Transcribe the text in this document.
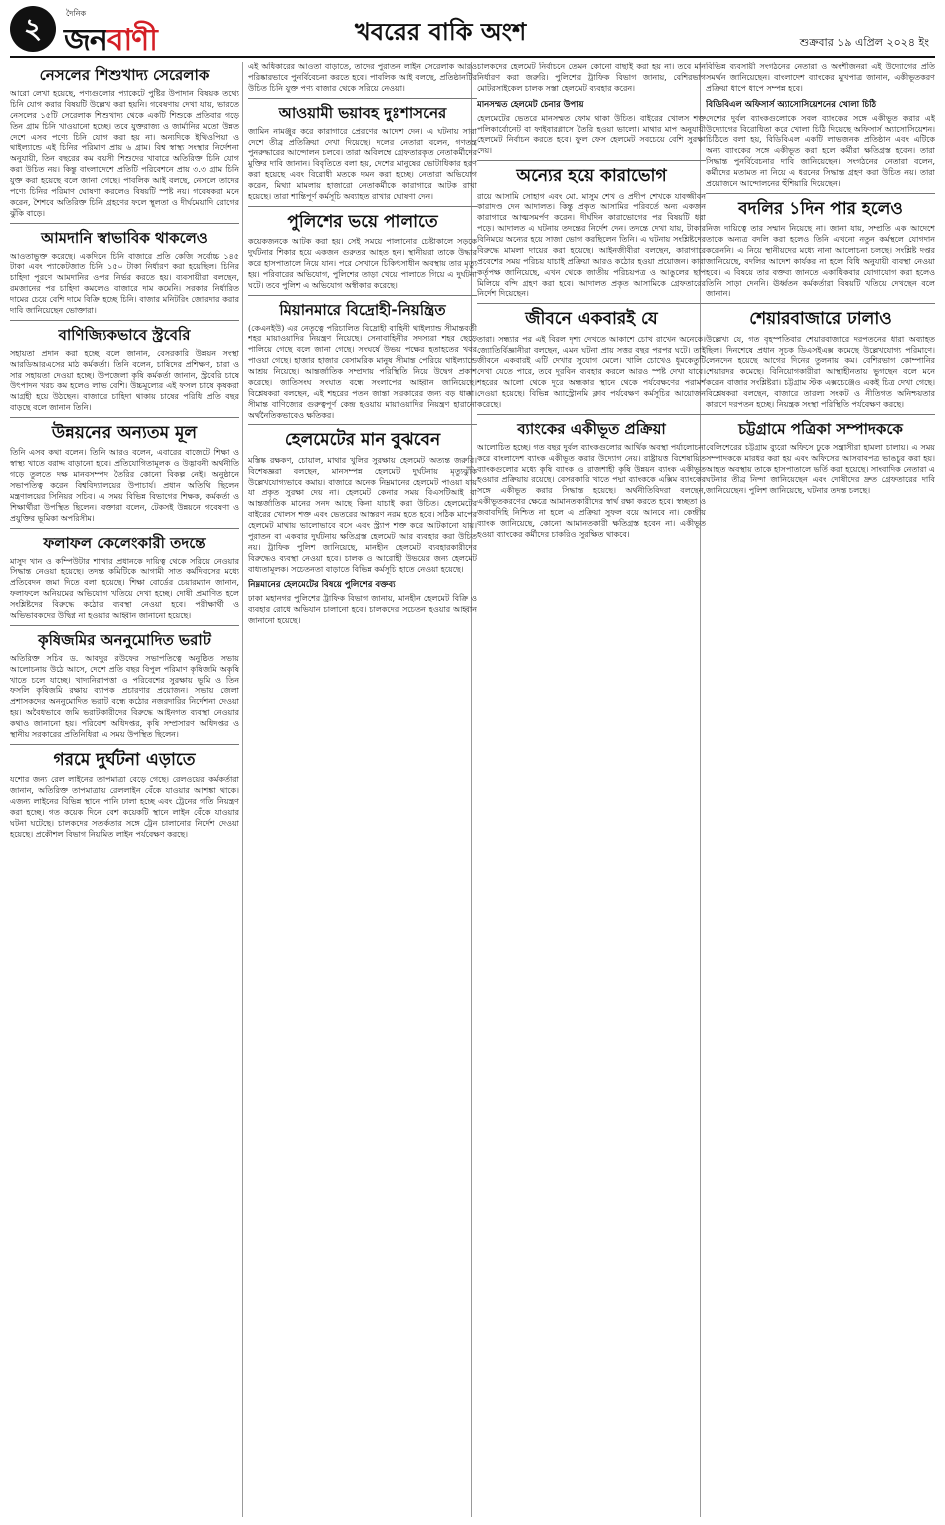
২	দৈনিক
জনবাণী	খবরের বাকি অংশ	শুক্রবার ১৯ এপ্রিল ২০২৪ ইং
নেসলের শিশুখাদ্য সেরেলাক

আরো লেখা হয়েছে, পণ্যগুলোর প্যাকেটে পুষ্টির উপাদান বিষয়ক তথ্যে চিনি যোগ করার বিষয়টি উল্লেখ করা হয়নি। গবেষণায় দেখা যায়, ভারতে নেসলের ১৫টি সেরেলাক শিশুখাদ্য থেকে একটি শিশুকে প্রতিবার গড়ে তিন গ্রাম চিনি খাওয়ানো হচ্ছে। তবে যুক্তরাজ্য ও জার্মানির মতো উন্নত দেশে এসব পণ্যে চিনি যোগ করা হয় না। অন্যদিকে ইথিওপিয়া ও থাইল্যান্ডে এই চিনির পরিমাণ প্রায় ৬ গ্রাম। বিশ্ব স্বাস্থ্য সংস্থার নির্দেশনা অনুযায়ী, তিন বছরের কম বয়সী শিশুদের খাবারে অতিরিক্ত চিনি যোগ করা উচিত নয়। কিন্তু বাংলাদেশে প্রতিটি পরিবেশনে প্রায় ৩.৩ গ্রাম চিনি যুক্ত করা হয়েছে বলে জানা গেছে। পাবলিক আই বলছে, নেসলে তাদের পণ্যে চিনির পরিমাণ ঘোষণা করলেও বিষয়টি স্পষ্ট নয়। গবেষকরা মনে করেন, শৈশবে অতিরিক্ত চিনি গ্রহণের ফলে স্থূলতা ও দীর্ঘমেয়াদি রোগের ঝুঁকি বাড়ে।

আমদানি স্বাভাবিক থাকলেও

আওতাভুক্ত করেছে। একদিনে চিনি বাজারে প্রতি কেজি সর্বোচ্চ ১৪৫ টাকা এবং প্যাকেটজাত চিনি ১৫০ টাকা নির্ধারণ করা হয়েছিল। চিনির চাহিদা পূরণে আমদানির ওপর নির্ভর করতে হয়। ব্যবসায়ীরা বলছেন, রমজানের পর চাহিদা কমলেও বাজারে দাম কমেনি। সরকার নির্ধারিত দামের চেয়ে বেশি দামে বিক্রি হচ্ছে চিনি। বাজার মনিটরিং জোরদার করার দাবি জানিয়েছেন ভোক্তারা।

বাণিজ্যিকভাবে স্ট্রবেরি

সহায়তা প্রদান করা হচ্ছে বলে জানান, বেসরকারি উন্নয়ন সংস্থা আরডিআরএসের মাঠ কর্মকর্তা। তিনি বলেন, চাষিদের প্রশিক্ষণ, চারা ও সার সহায়তা দেওয়া হচ্ছে। উপজেলা কৃষি কর্মকর্তা জানান, স্ট্রবেরি চাষে উৎপাদন খরচ কম হলেও লাভ বেশি। উচ্চমূল্যের এই ফসল চাষে কৃষকরা আগ্রহী হয়ে উঠছেন। বাজারে চাহিদা থাকায় চাষের পরিধি প্রতি বছর বাড়ছে বলে জানান তিনি।

উন্নয়নের অন্যতম মূল

তিনি এসব কথা বলেন। তিনি আরও বলেন, এবারের বাজেটে শিক্ষা ও স্বাস্থ্য খাতে বরাদ্দ বাড়ানো হবে। প্রতিযোগিতামূলক ও উদ্ভাবনী অর্থনীতি গড়ে তুলতে দক্ষ মানবসম্পদ তৈরির কোনো বিকল্প নেই। অনুষ্ঠানে সভাপতিত্ব করেন বিশ্ববিদ্যালয়ের উপাচার্য। প্রধান অতিথি ছিলেন মন্ত্রণালয়ের সিনিয়র সচিব। এ সময় বিভিন্ন বিভাগের শিক্ষক, কর্মকর্তা ও শিক্ষার্থীরা উপস্থিত ছিলেন। বক্তারা বলেন, টেকসই উন্নয়নে গবেষণা ও প্রযুক্তির ভূমিকা অপরিসীম।

ফলাফল কেলেংকারী তদন্তে

মাসুদ খান ও কম্পিউটার শাখার প্রধানকে দায়িত্ব থেকে সরিয়ে নেওয়ার সিদ্ধান্ত নেওয়া হয়েছে। তদন্ত কমিটিকে আগামী সাত কর্মদিবসের মধ্যে প্রতিবেদন জমা দিতে বলা হয়েছে। শিক্ষা বোর্ডের চেয়ারম্যান জানান, ফলাফলে অনিয়মের অভিযোগ খতিয়ে দেখা হচ্ছে। দোষী প্রমাণিত হলে সংশ্লিষ্টদের বিরুদ্ধে কঠোর ব্যবস্থা নেওয়া হবে। পরীক্ষার্থী ও অভিভাবকদের উদ্বিগ্ন না হওয়ার আহ্বান জানানো হয়েছে।

কৃষিজমির অননুমোদিত ভরাট

অতিরিক্ত সচিব ড. আবদুর রউফের সভাপতিত্বে অনুষ্ঠিত সভায় আলোচনায় উঠে আসে, দেশে প্রতি বছর বিপুল পরিমাণ কৃষিজমি অকৃষি খাতে চলে যাচ্ছে। খাদ্যনিরাপত্তা ও পরিবেশের সুরক্ষায় ভূমি ও তিন ফসলি কৃষিজমি রক্ষায় ব্যাপক প্রচারণার প্রয়োজন। সভায় জেলা প্রশাসকদের অননুমোদিত ভরাট বন্ধে কঠোর নজরদারির নির্দেশনা দেওয়া হয়। অবৈধভাবে জমি ভরাটকারীদের বিরুদ্ধে আইনগত ব্যবস্থা নেওয়ার কথাও জানানো হয়। পরিবেশ অধিদপ্তর, কৃষি সম্প্রসারণ অধিদপ্তর ও স্থানীয় সরকারের প্রতিনিধিরা এ সময় উপস্থিত ছিলেন।

গরমে দুর্ঘটনা এড়াতে

যশোর জন্য রেল লাইনের তাপমাত্রা বেড়ে গেছে। রেলওয়ের কর্মকর্তারা জানান, অতিরিক্ত তাপমাত্রায় রেললাইন বেঁকে যাওয়ার আশঙ্কা থাকে। এজন্য লাইনের বিভিন্ন স্থানে পানি ঢালা হচ্ছে এবং ট্রেনের গতি নিয়ন্ত্রণ করা হচ্ছে। গত কয়েক দিনে বেশ কয়েকটি স্থানে লাইন বেঁকে যাওয়ার ঘটনা ঘটেছে। চালকদের সতর্কতার সঙ্গে ট্রেন চালানোর নির্দেশ দেওয়া হয়েছে। প্রকৌশল বিভাগ নিয়মিত লাইন পর্যবেক্ষণ করছে।

এই অধিকারের আওতা বাড়াতে, তাদের পুরাতন লাইন সেরেলাক আরও পরিষ্কারভাবে পুনর্বিবেচনা করতে হবে। পাবলিক আই বলছে, প্রতিষ্ঠানটির উচিত চিনি যুক্ত পণ্য বাজার থেকে সরিয়ে নেওয়া।

আওয়ামী ভয়াবহ দুঃশাসনের

জামিন নামঞ্জুর করে কারাগারে প্রেরণের আদেশ দেন। এ ঘটনায় সারা দেশে তীব্র প্রতিক্রিয়া দেখা দিয়েছে। দলের নেতারা বলেন, গণতন্ত্র পুনরুদ্ধারের আন্দোলন চলবে। তারা অবিলম্বে গ্রেফতারকৃত নেতাকর্মীদের মুক্তির দাবি জানান। বিবৃতিতে বলা হয়, দেশের মানুষের ভোটাধিকার হরণ করা হয়েছে এবং বিরোধী মতকে দমন করা হচ্ছে। নেতারা অভিযোগ করেন, মিথ্যা মামলায় হাজারো নেতাকর্মীকে কারাগারে আটক রাখা হয়েছে। তারা শান্তিপূর্ণ কর্মসূচি অব্যাহত রাখার ঘোষণা দেন।

পুলিশের ভয়ে পালাতে

কয়েকজনকে আটক করা হয়। সেই সময়ে পালানোর চেষ্টাকালে সড়কে দুর্ঘটনার শিকার হয়ে একজন গুরুতর আহত হন। স্থানীয়রা তাকে উদ্ধার করে হাসপাতালে নিয়ে যান। পরে সেখানে চিকিৎসাধীন অবস্থায় তার মৃত্যু হয়। পরিবারের অভিযোগ, পুলিশের তাড়া খেয়ে পালাতে গিয়ে এ দুর্ঘটনা ঘটে। তবে পুলিশ এ অভিযোগ অস্বীকার করেছে।

মিয়ানমারে বিদ্রোহী-নিয়ন্ত্রিত

(কেএনইউ) এর নেতৃত্বে পরিচালিত বিদ্রোহী বাহিনী থাইল্যান্ড সীমান্তবর্তী শহর মায়াওয়াদির নিয়ন্ত্রণ নিয়েছে। সেনাবাহিনীর সদস্যরা শহর ছেড়ে পালিয়ে গেছে বলে জানা গেছে। সংঘর্ষে উভয় পক্ষের হতাহতের খবর পাওয়া গেছে। হাজার হাজার বেসামরিক মানুষ সীমান্ত পেরিয়ে থাইল্যান্ডে আশ্রয় নিয়েছে। আন্তর্জাতিক সম্প্রদায় পরিস্থিতি নিয়ে উদ্বেগ প্রকাশ করেছে। জাতিসংঘ সংঘাত বন্ধে সংলাপের আহ্বান জানিয়েছে। বিশ্লেষকরা বলছেন, এই শহরের পতন জান্তা সরকারের জন্য বড় ধাক্কা। সীমান্ত বাণিজ্যের গুরুত্বপূর্ণ কেন্দ্র হওয়ায় মায়াওয়াদির নিয়ন্ত্রণ হারানো অর্থনৈতিকভাবেও ক্ষতিকর।

হেলমেটের মান বুঝবেন

মস্তিষ্ক রক্ষকণ, চোয়াল, মাথার খুলির সুরক্ষায় হেলমেট অত্যন্ত জরুরি। বিশেষজ্ঞরা বলছেন, মানসম্পন্ন হেলমেট দুর্ঘটনায় মৃত্যুঝুঁকি উল্লেখযোগ্যভাবে কমায়। বাজারে অনেক নিম্নমানের হেলমেট পাওয়া যায় যা প্রকৃত সুরক্ষা দেয় না। হেলমেট কেনার সময় বিএসটিআই বা আন্তর্জাতিক মানের সনদ আছে কিনা যাচাই করা উচিত। হেলমেটের বাইরের খোলস শক্ত এবং ভেতরের আস্তরণ নরম হতে হবে। সঠিক মাপের হেলমেট মাথায় ভালোভাবে বসে এবং স্ট্র্যাপ শক্ত করে আটকানো যায়। পুরাতন বা একবার দুর্ঘটনায় ক্ষতিগ্রস্ত হেলমেট আর ব্যবহার করা উচিত নয়। ট্রাফিক পুলিশ জানিয়েছে, মানহীন হেলমেট ব্যবহারকারীদের বিরুদ্ধেও ব্যবস্থা নেওয়া হবে। চালক ও আরোহী উভয়ের জন্য হেলমেট বাধ্যতামূলক। সচেতনতা বাড়াতে বিভিন্ন কর্মসূচি হাতে নেওয়া হয়েছে।

নিম্নমানের হেলমেটের বিষয়ে পুলিশের বক্তব্য

ঢাকা মহানগর পুলিশের ট্রাফিক বিভাগ জানায়, মানহীন হেলমেট বিক্রি ও ব্যবহার রোধে অভিযান চালানো হবে। চালকদের সচেতন হওয়ার আহ্বান জানানো হয়েছে।

চালকদের হেলমেট নির্বাচনে তেমন কোনো বাছাই করা হয় না। তবে মান নির্ধারণ করা জরুরি। পুলিশের ট্রাফিক বিভাগ জানায়, বেশিরভাগ মোটরসাইকেল চালক সস্তা হেলমেট ব্যবহার করেন।

মানসম্মত হেলমেট চেনার উপায়

হেলমেটের ভেতরে মানসম্মত ফোম থাকা উচিত। বাইরের খোলস শক্ত পলিকার্বোনেট বা ফাইবারগ্লাসে তৈরি হওয়া ভালো। মাথার মাপ অনুযায়ী হেলমেট নির্বাচন করতে হবে। ফুল ফেস হেলমেট সবচেয়ে বেশি সুরক্ষা দেয়।

অন্যের হয়ে কারাভোগ

রায়ে আসামি সোহাগ এবং মো. মাসুম শেখ ও প্রদীপ শেখকে যাবজ্জীবন কারাদণ্ড দেন আদালত। কিন্তু প্রকৃত আসামির পরিবর্তে অন্য একজন কারাগারে আত্মসমর্পণ করেন। দীর্ঘদিন কারাভোগের পর বিষয়টি ধরা পড়ে। আদালত এ ঘটনায় তদন্তের নির্দেশ দেন। তদন্তে দেখা যায়, টাকার বিনিময়ে অন্যের হয়ে সাজা ভোগ করছিলেন তিনি। এ ঘটনায় সংশ্লিষ্টদের বিরুদ্ধে মামলা দায়ের করা হয়েছে। আইনজীবীরা বলছেন, কারাগারে প্রবেশের সময় পরিচয় যাচাই প্রক্রিয়া আরও কঠোর হওয়া প্রয়োজন। কারা কর্তৃপক্ষ জানিয়েছে, এখন থেকে জাতীয় পরিচয়পত্র ও আঙুলের ছাপ মিলিয়ে বন্দি গ্রহণ করা হবে। আদালত প্রকৃত আসামিকে গ্রেফতারের নির্দেশ দিয়েছেন।

জীবনে একবারই যে

তারা। সন্ধ্যার পর এই বিরল দৃশ্য দেখতে আকাশে চোখ রাখেন অনেকে। জ্যোতির্বিজ্ঞানীরা বলছেন, এমন ঘটনা প্রায় সত্তর বছর পরপর ঘটে। তাই জীবনে একবারই এটি দেখার সুযোগ মেলে। খালি চোখেও ধূমকেতুটি দেখা যেতে পারে, তবে দূরবিন ব্যবহার করলে আরও স্পষ্ট দেখা যাবে। শহরের আলো থেকে দূরে অন্ধকার স্থানে থেকে পর্যবেক্ষণের পরামর্শ দেওয়া হয়েছে। বিভিন্ন অ্যাস্ট্রোনমি ক্লাব পর্যবেক্ষণ কর্মসূচির আয়োজন করেছে।

ব্যাংকের একীভূত প্রক্রিয়া

আলোচিত হচ্ছে। গত বছর দুর্বল ব্যাংকগুলোর আর্থিক অবস্থা পর্যালোচনা করে বাংলাদেশ ব্যাংক একীভূত করার উদ্যোগ নেয়। রাষ্ট্রায়ত্ত বিশেষায়িত ব্যাংকগুলোর মধ্যে কৃষি ব্যাংক ও রাজশাহী কৃষি উন্নয়ন ব্যাংক একীভূত হওয়ার প্রক্রিয়ায় রয়েছে। বেসরকারি খাতে পদ্মা ব্যাংককে এক্সিম ব্যাংকের সঙ্গে একীভূত করার সিদ্ধান্ত হয়েছে। অর্থনীতিবিদরা বলছেন, একীভূতকরণের ক্ষেত্রে আমানতকারীদের স্বার্থ রক্ষা করতে হবে। স্বচ্ছতা ও জবাবদিহি নিশ্চিত না হলে এ প্রক্রিয়া সুফল বয়ে আনবে না। কেন্দ্রীয় ব্যাংক জানিয়েছে, কোনো আমানতকারী ক্ষতিগ্রস্ত হবেন না। একীভূত হওয়া ব্যাংকের কর্মীদের চাকরিও সুরক্ষিত থাকবে।

বিভিন্ন ব্যবসায়ী সংগঠনের নেতারা ও অংশীজনরা এই উদ্যোগের প্রতি সমর্থন জানিয়েছেন। বাংলাদেশ ব্যাংকের মুখপাত্র জানান, একীভূতকরণ প্রক্রিয়া ধাপে ধাপে সম্পন্ন হবে।

বিডিবিএল অফিসার্স অ্যাসোসিয়েশনের খোলা চিঠি

দেশের দুর্বল ব্যাংকগুলোকে সবল ব্যাংকের সঙ্গে একীভূত করার এই উদ্যোগের বিরোধিতা করে খোলা চিঠি দিয়েছে অফিসার্স অ্যাসোসিয়েশন। চিঠিতে বলা হয়, বিডিবিএল একটি লাভজনক প্রতিষ্ঠান এবং এটিকে অন্য ব্যাংকের সঙ্গে একীভূত করা হলে কর্মীরা ক্ষতিগ্রস্ত হবেন। তারা সিদ্ধান্ত পুনর্বিবেচনার দাবি জানিয়েছেন। সংগঠনের নেতারা বলেন, কর্মীদের মতামত না নিয়ে এ ধরনের সিদ্ধান্ত গ্রহণ করা উচিত নয়। তারা প্রয়োজনে আন্দোলনের হুঁশিয়ারি দিয়েছেন।

বদলির ১দিন পার হলেও

নিজ দায়িত্বে তার সম্মান নিয়েছে না। জানা যায়, সম্প্রতি এক আদেশে তাকে অন্যত্র বদলি করা হলেও তিনি এখনো নতুন কর্মস্থলে যোগদান করেননি। এ নিয়ে স্থানীয়দের মধ্যে নানা আলোচনা চলছে। সংশ্লিষ্ট দপ্তর জানিয়েছে, বদলির আদেশ কার্যকর না হলে বিধি অনুযায়ী ব্যবস্থা নেওয়া হবে। এ বিষয়ে তার বক্তব্য জানতে একাধিকবার যোগাযোগ করা হলেও তিনি সাড়া দেননি। ঊর্ধ্বতন কর্মকর্তারা বিষয়টি খতিয়ে দেখছেন বলে জানান।

শেয়ারবাজারে ঢালাও

উল্লেখ্য যে, গত বৃহস্পতিবার শেয়ারবাজারে দরপতনের ধারা অব্যাহত ছিল। দিনশেষে প্রধান সূচক ডিএসইএক্স কমেছে উল্লেখযোগ্য পরিমাণে। লেনদেন হয়েছে আগের দিনের তুলনায় কম। বেশিরভাগ কোম্পানির শেয়ারদর কমেছে। বিনিয়োগকারীরা আস্থাহীনতায় ভুগছেন বলে মনে করেন বাজার সংশ্লিষ্টরা। চট্টগ্রাম স্টক এক্সচেঞ্জেও একই চিত্র দেখা গেছে। বিশ্লেষকরা বলছেন, বাজারে তারল্য সংকট ও নীতিগত অনিশ্চয়তার কারণে দরপতন হচ্ছে। নিয়ন্ত্রক সংস্থা পরিস্থিতি পর্যবেক্ষণ করছে।

চট্টগ্রামে পত্রিকা সম্পাদককে

বেলিশেরের চট্টগ্রাম ব্যুরো অফিসে ঢুকে সন্ত্রাসীরা হামলা চালায়। এ সময় সম্পাদককে মারধর করা হয় এবং অফিসের আসবাবপত্র ভাঙচুর করা হয়। আহত অবস্থায় তাকে হাসপাতালে ভর্তি করা হয়েছে। সাংবাদিক নেতারা এ ঘটনার তীব্র নিন্দা জানিয়েছেন এবং দোষীদের দ্রুত গ্রেফতারের দাবি জানিয়েছেন। পুলিশ জানিয়েছে, ঘটনার তদন্ত চলছে।
